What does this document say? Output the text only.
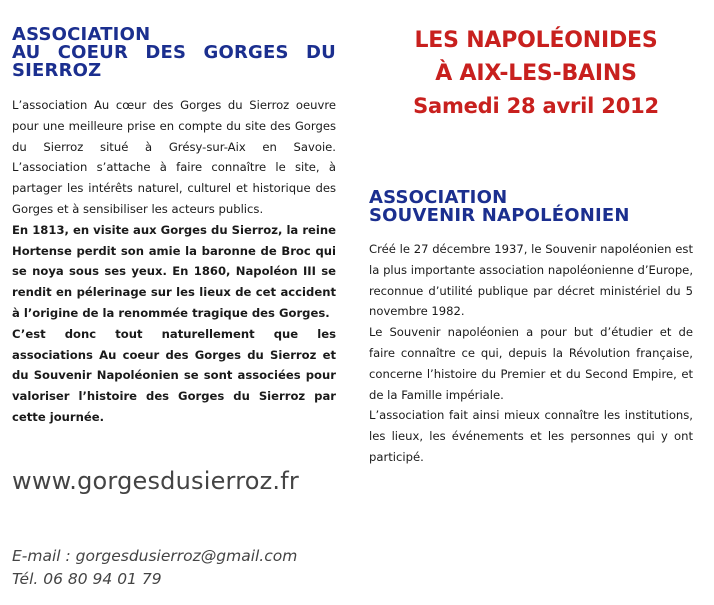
ASSOCIATION
AU COEUR DES GORGES DU
SIERROZ

L’association Au cœur des Gorges du Sierroz oeuvre pour une meilleure prise en compte du site des Gorges du Sierroz situé à Grésy-sur-Aix en Savoie. L’association s’attache à faire connaître le site, à partager les intérêts naturel, culturel et historique des Gorges et à sensibiliser les acteurs publics.

En 1813, en visite aux Gorges du Sierroz, la reine Hortense perdit son amie la baronne de Broc qui se noya sous ses yeux. En 1860, Napoléon III se rendit en pélerinage sur les lieux de cet accident à l’origine de la renommée tragique des Gorges.

C’est donc tout naturellement que les associations Au coeur des Gorges du Sierroz et du Souvenir Napoléonien se sont associées pour valoriser l’histoire des Gorges du Sierroz par cette journée.

LES NAPOLÉONIDES
À AIX-LES-BAINS
Samedi 28 avril 2012
ASSOCIATION
SOUVENIR NAPOLÉONIEN

Créé le 27 décembre 1937, le Souvenir napoléonien est la plus importante association napoléonienne d’Europe, reconnue d’utilité publique par décret ministériel du 5 novembre 1982.

Le Souvenir napoléonien a pour but d’étudier et de faire connaître ce qui, depuis la Révolution française, concerne l’histoire du Premier et du Second Empire, et de la Famille impériale.

L’association fait ainsi mieux connaître les institutions, les lieux, les événements et les personnes qui y ont participé.

www.gorgesdusierroz.fr
E-mail : gorgesdusierroz@gmail.com
Tél. 06 80 94 01 79
